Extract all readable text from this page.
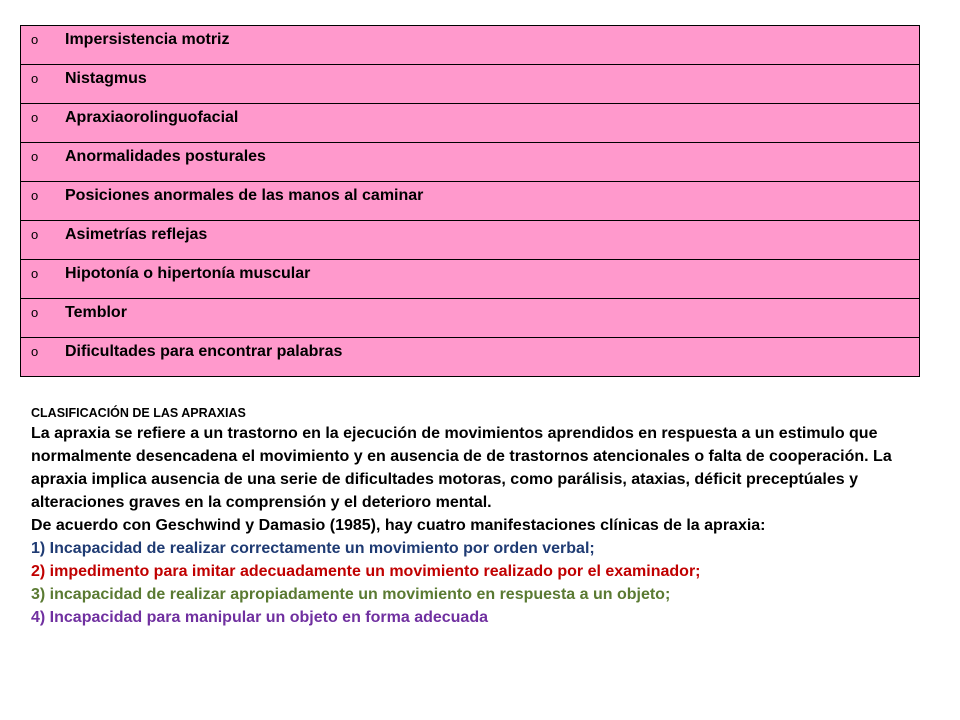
o	Impersistencia motriz

o	Nistagmus

o	Apraxiaorolinguofacial

o	Anormalidades posturales

o	Posiciones anormales de las manos al caminar

o	Asimetrías reflejas

o	Hipotonía o hipertonía muscular

o	Temblor

o	Dificultades para encontrar palabras

CLASIFICACIÓN DE LAS APRAXIAS

La apraxia se refiere a un trastorno en la ejecución de movimientos aprendidos en respuesta a un estimulo que normalmente desencadena el movimiento y en ausencia de de trastornos atencionales o falta de cooperación. La apraxia implica ausencia de una serie de dificultades motoras, como parálisis, ataxias, déficit preceptúales y alteraciones graves en la comprensión y el deterioro mental.

De acuerdo con Geschwind y Damasio (1985), hay cuatro manifestaciones clínicas de la apraxia:

1) Incapacidad de realizar correctamente un movimiento por orden verbal;

2) impedimento para imitar adecuadamente un movimiento realizado por el examinador;

3) incapacidad de realizar apropiadamente un movimiento en respuesta a un objeto;

4) Incapacidad para manipular un objeto en forma adecuada
